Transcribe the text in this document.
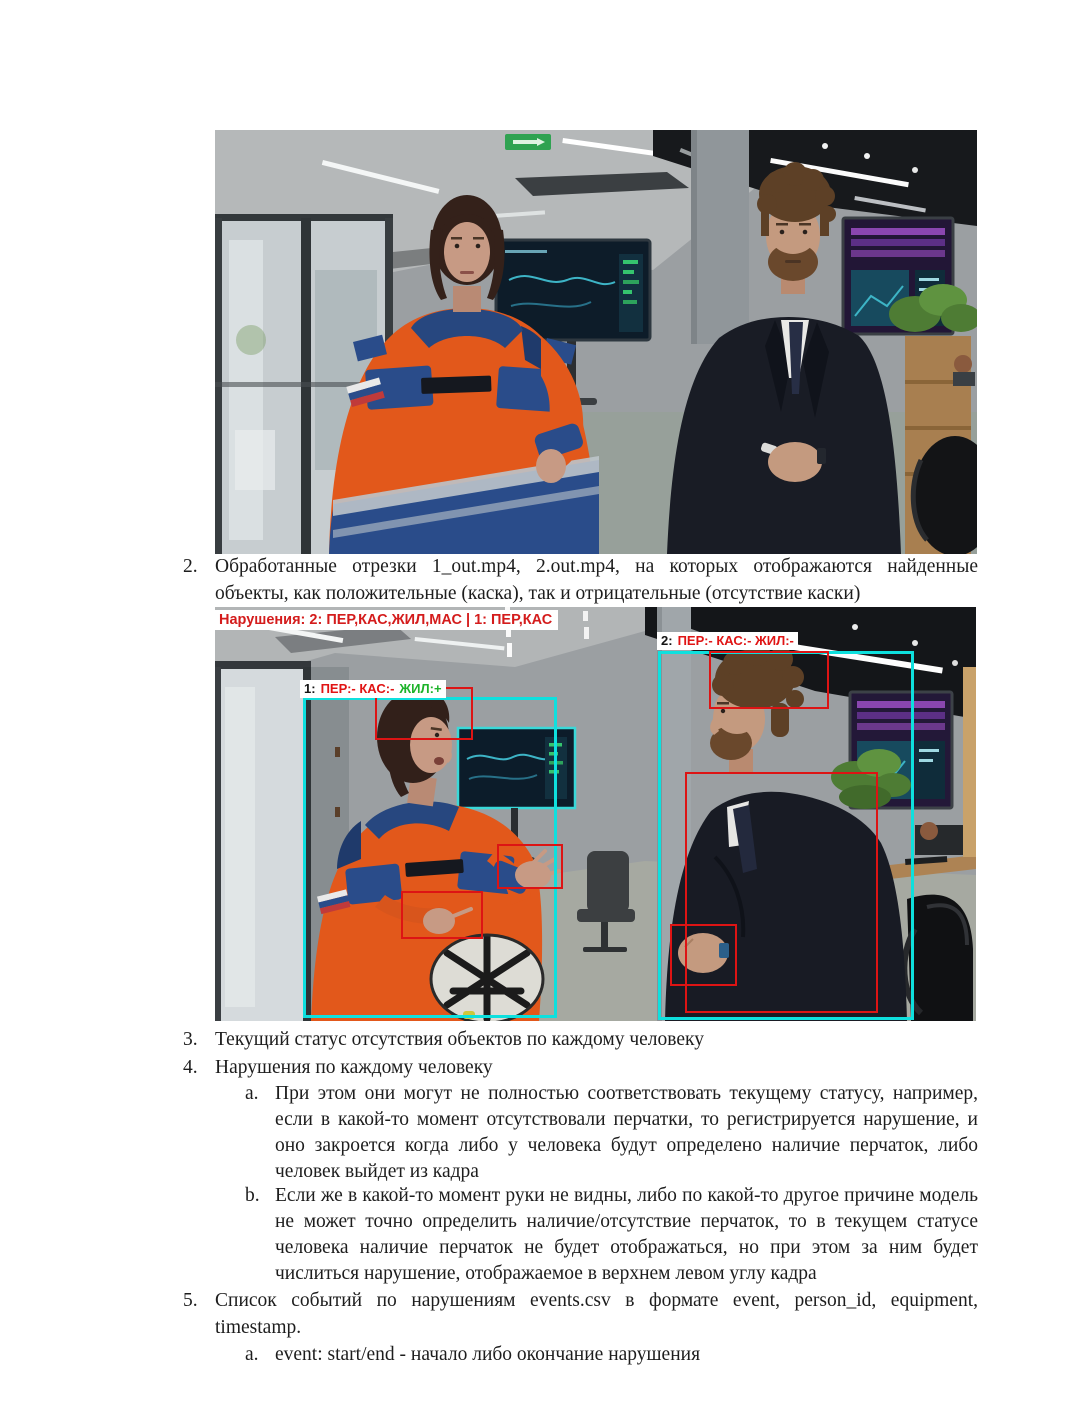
2. Обработанные отрезки 1_out.mp4, 2.out.mp4, на которых отображаются найденные объекты, как положительные (каска), так и отрицательные (отсутствие каски)
Нарушения: 2: ПЕР,КАС,ЖИЛ,МАС | 1: ПЕР,КАС
1: ПЕР:- КАС:- ЖИЛ:+
2: ПЕР:- КАС:- ЖИЛ:-
3. Текущий статус отсутствия объектов по каждому человеку
4. Нарушения по каждому человеку
a. При этом они могут не полностью соответствовать текущему статусу, например, если в какой-то момент отсутствовали перчатки, то регистрируется нарушение, и оно закроется когда либо у человека будут определено наличие перчаток, либо человек выйдет из кадра
b. Если же в какой-то момент руки не видны, либо по какой-то другое причине модель не может точно определить наличие/отсутствие перчаток, то в текущем статусе человека наличие перчаток не будет отображаться, но при этом за ним будет числиться нарушение, отображаемое в верхнем левом углу кадра
5. Список событий по нарушениям events.csv в формате event, person_id, equipment, timestamp.
a. event: start/end - начало либо окончание нарушения
